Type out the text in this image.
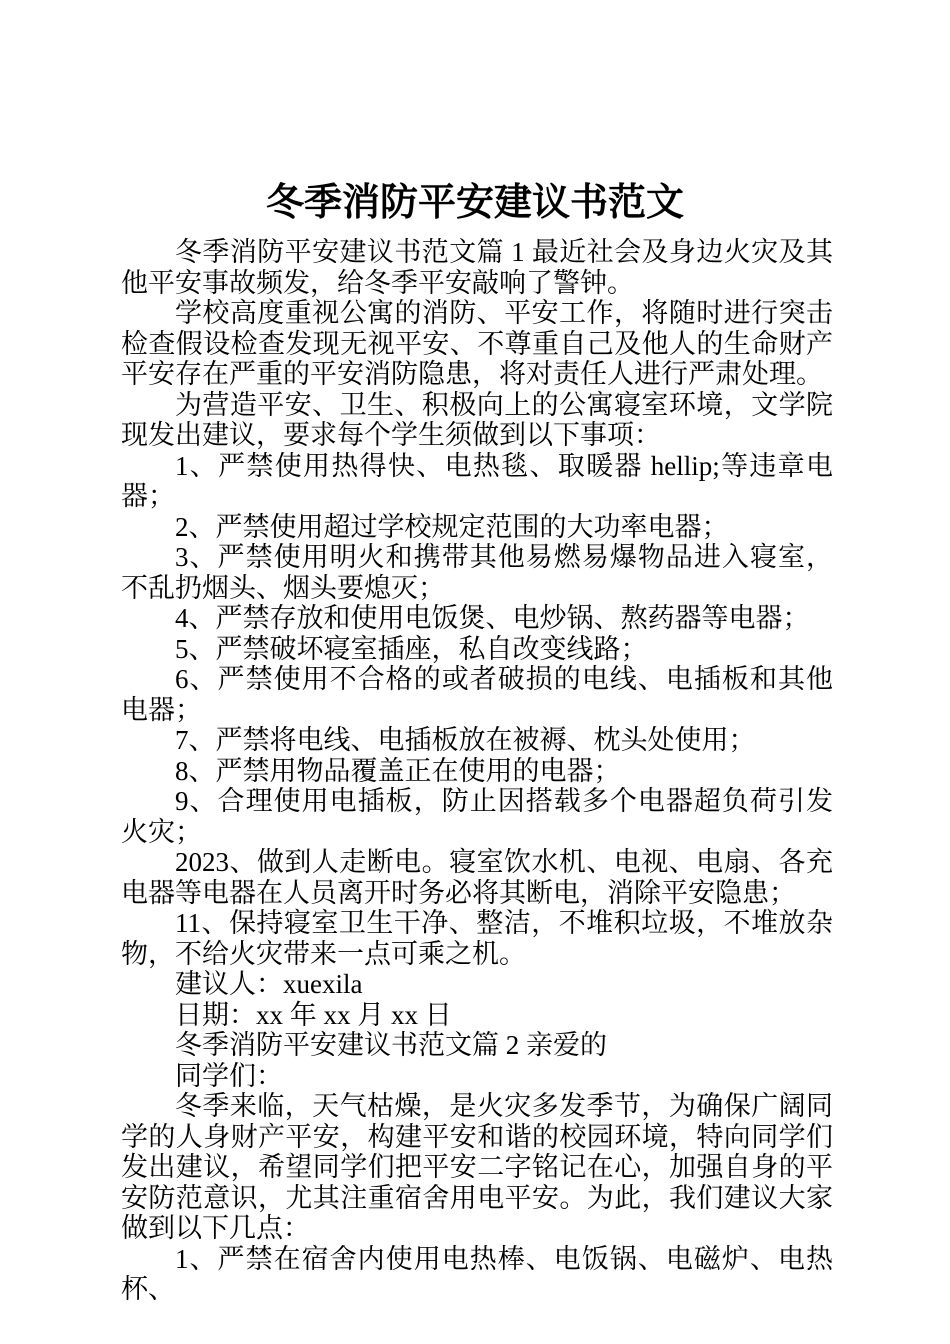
冬季消防平安建议书范文

冬季消防平安建议书范文篇 1 最近社会及身边火灾及其他平安事故频发，给冬季平安敲响了警钟。

学校高度重视公寓的消防、平安工作，将随时进行突击检查假设检查发现无视平安、不尊重自己及他人的生命财产平安存在严重的平安消防隐患，将对责任人进行严肃处理。

为营造平安、卫生、积极向上的公寓寝室环境，文学院现发出建议，要求每个学生须做到以下事项：

1、严禁使用热得快、电热毯、取暖器 hellip;等违章电器；

2、严禁使用超过学校规定范围的大功率电器；

3、严禁使用明火和携带其他易燃易爆物品进入寝室，不乱扔烟头、烟头要熄灭；

4、严禁存放和使用电饭煲、电炒锅、熬药器等电器；

5、严禁破坏寝室插座，私自改变线路；

6、严禁使用不合格的或者破损的电线、电插板和其他电器；

7、严禁将电线、电插板放在被褥、枕头处使用；

8、严禁用物品覆盖正在使用的电器；

9、合理使用电插板，防止因搭载多个电器超负荷引发火灾；

2023、做到人走断电。寝室饮水机、电视、电扇、各充电器等电器在人员离开时务必将其断电，消除平安隐患；

11、保持寝室卫生干净、整洁，不堆积垃圾，不堆放杂物，不给火灾带来一点可乘之机。

建议人：xuexila

日期：xx 年 xx 月 xx 日

冬季消防平安建议书范文篇 2 亲爱的

同学们：

冬季来临，天气枯燥，是火灾多发季节，为确保广阔同学的人身财产平安，构建平安和谐的校园环境，特向同学们发出建议，希望同学们把平安二字铭记在心，加强自身的平安防范意识，尤其注重宿舍用电平安。为此，我们建议大家做到以下几点：

1、严禁在宿舍内使用电热棒、电饭锅、电磁炉、电热杯、
